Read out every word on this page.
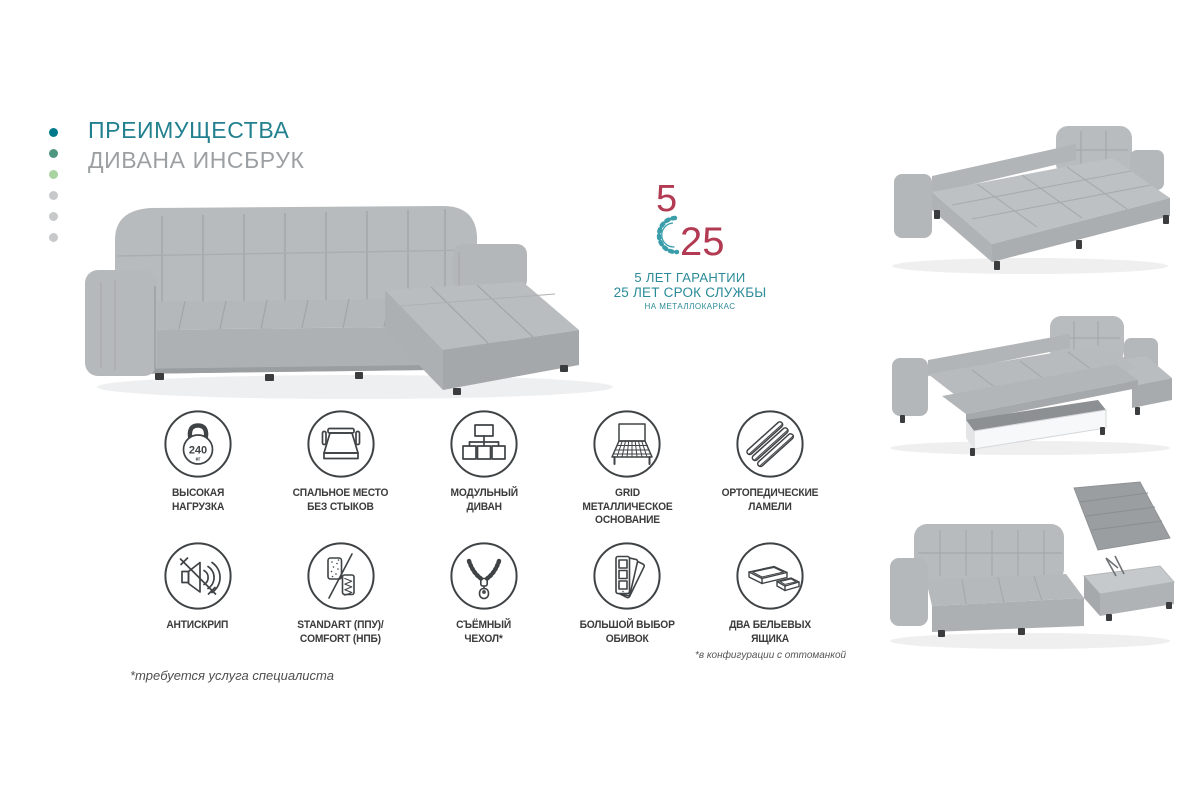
ПРЕИМУЩЕСТВА
ДИВАНА ИНСБРУК
5
25
5 ЛЕТ ГАРАНТИИ
25 ЛЕТ СРОК СЛУЖБЫ
НА МЕТАЛЛОКАРКАС
240
кг
ВЫСОКАЯ
НАГРУЗКА
СПАЛЬНОЕ МЕСТО
БЕЗ СТЫКОВ
МОДУЛЬНЫЙ
ДИВАН
GRID
МЕТАЛЛИЧЕСКОЕ
ОСНОВАНИЕ
ОРТОПЕДИЧЕСКИЕ
ЛАМЕЛИ
АНТИСКРИП	STANDART (ППУ)/
COMFORT (НПБ)
СЪЁМНЫЙ
ЧЕХОЛ*
БОЛЬШОЙ ВЫБОР
ОБИВОК
ДВА БЕЛЬЕВЫХ
ЯЩИКА
*в конфигурации с оттоманкой
*требуется услуга специалиста
